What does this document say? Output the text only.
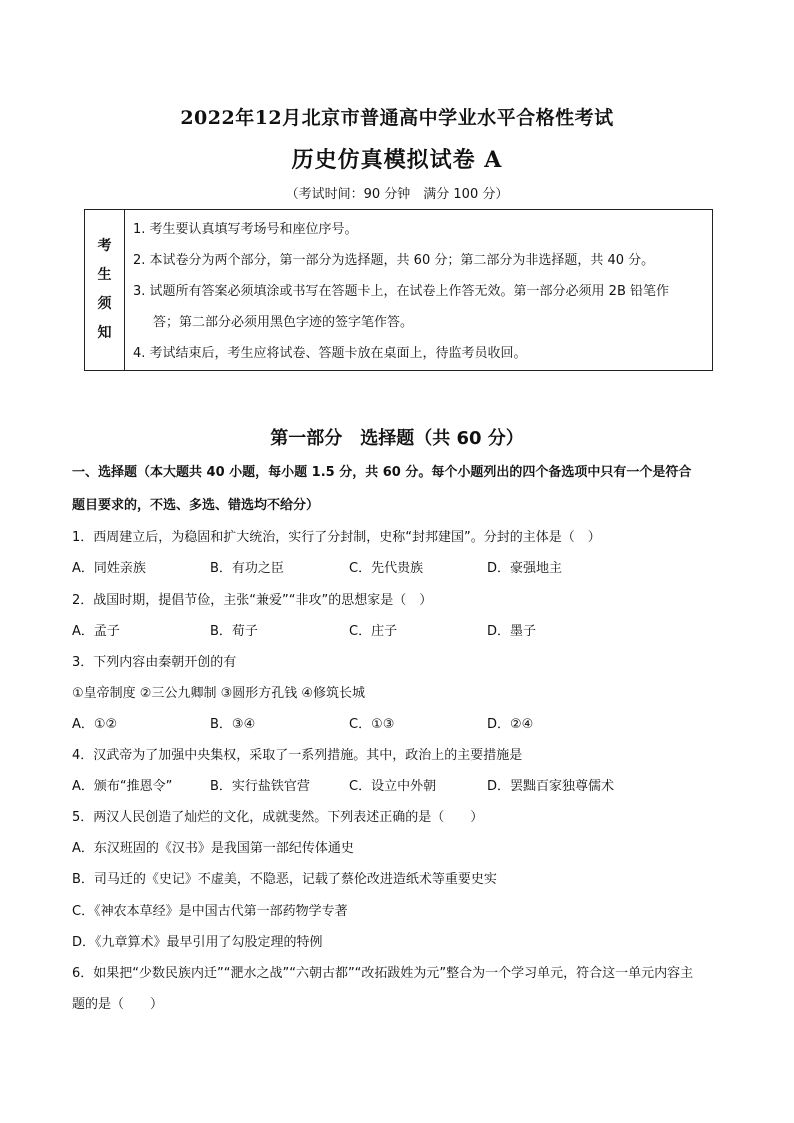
2022年12月北京市普通高中学业水平合格性考试
历史仿真模拟试卷 A
（考试时间：90 分钟　满分 100 分）
考
生
须
知
1. 考生要认真填写考场号和座位序号。
2. 本试卷分为两个部分，第一部分为选择题，共 60 分；第二部分为非选择题，共 40 分。
3. 试题所有答案必须填涂或书写在答题卡上，在试卷上作答无效。第一部分必须用 2B 铅笔作
答；第二部分必须用黑色字迹的签字笔作答。
4. 考试结束后，考生应将试卷、答题卡放在桌面上，待监考员收回。
第一部分　选择题（共 60 分）
一、选择题（本大题共 40 小题，每小题 1.5 分，共 60 分。每个小题列出的四个备选项中只有一个是符合
题目要求的，不选、多选、错选均不给分）
1．西周建立后，为稳固和扩大统治，实行了分封制，史称“封邦建国”。分封的主体是（　）
A．同姓亲族	B．有功之臣	C．先代贵族	D．豪强地主
2．战国时期，提倡节俭，主张“兼爱”“非攻”的思想家是（　）
A．孟子	B．荀子	C．庄子	D．墨子
3．下列内容由秦朝开创的有
①皇帝制度 ②三公九卿制 ③圆形方孔钱 ④修筑长城
A．①②	B．③④	C．①③	D．②④
4．汉武帝为了加强中央集权，采取了一系列措施。其中，政治上的主要措施是
A．颁布“推恩令”	B．实行盐铁官营	C．设立中外朝	D．罢黜百家独尊儒术
5．两汉人民创造了灿烂的文化，成就斐然。下列表述正确的是（　　）
A．东汉班固的《汉书》是我国第一部纪传体通史
B．司马迁的《史记》不虚美，不隐恶，记载了蔡伦改进造纸术等重要史实
C．《神农本草经》是中国古代第一部药物学专著
D．《九章算术》最早引用了勾股定理的特例
6．如果把“少数民族内迁”“淝水之战”“六朝古都”“改拓跋姓为元”整合为一个学习单元，符合这一单元内容主
题的是（　　）
